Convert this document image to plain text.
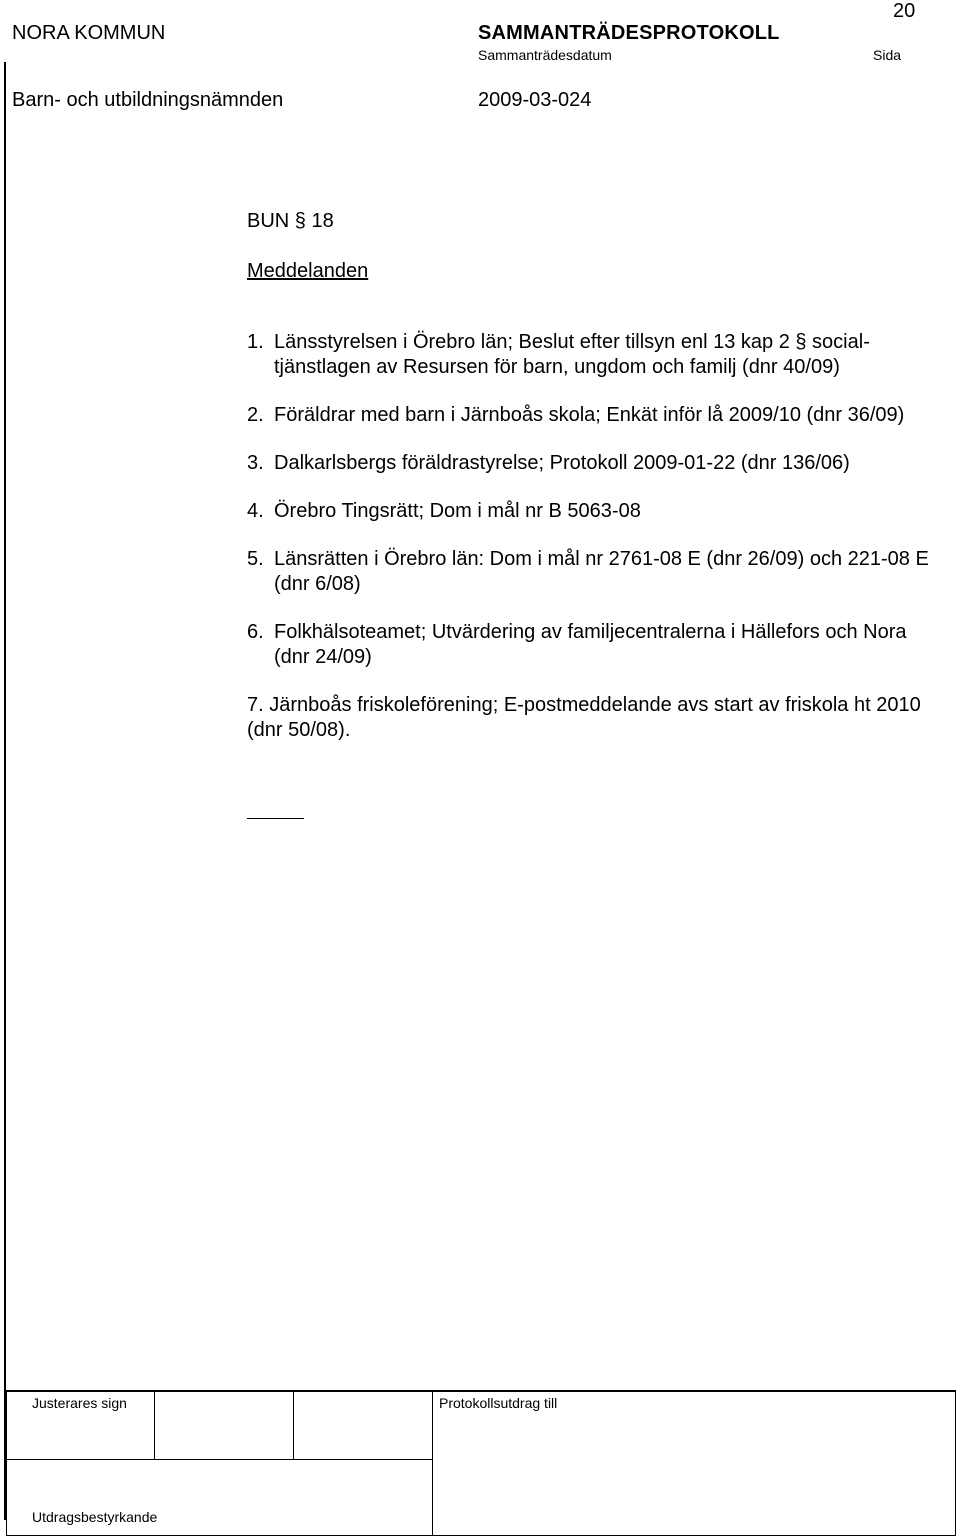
NORA KOMMUN	SAMMANTRÄDESPROTOKOLL
20
Sammanträdesdatum	Sida
Barn- och utbildningsnämnden	2009-03-024
BUN § 18
Meddelanden
1. Länsstyrelsen i Örebro län; Beslut efter tillsyn enl 13 kap 2 § social-tjänstlagen av Resursen för barn, ungdom och familj (dnr 40/09)
2. Föräldrar med barn i Järnboås skola; Enkät inför lå 2009/10 (dnr 36/09)
3. Dalkarlsbergs föräldrastyrelse; Protokoll 2009-01-22 (dnr 136/06)
4. Örebro Tingsrätt; Dom i mål nr B 5063-08
5. Länsrätten i Örebro län: Dom i mål nr 2761-08 E (dnr 26/09) och 221-08 E (dnr 6/08)
6. Folkhälsoteamet; Utvärdering av familjecentralerna i Hällefors och Nora (dnr 24/09)
7. Järnboås friskoleförening; E-postmeddelande avs start av friskola ht 2010 (dnr 50/08).
Justerares sign			Protokollsutdrag till
Utdragsbestyrkande
